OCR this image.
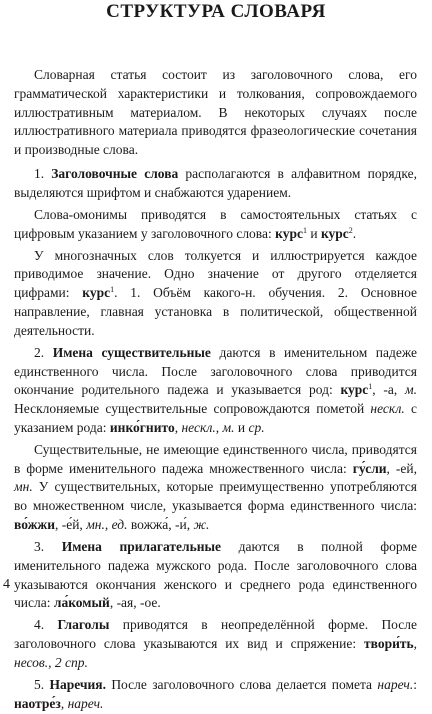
СТРУКТУРА СЛОВАРЯ

Словарная статья состоит из заголовочного слова, его грамматической характеристики и толкования, сопровождаемого иллюстративным материалом. В некоторых случаях после иллюстративного материала приводятся фразеологические сочетания и производные слова.

1. Заголовочные слова располагаются в алфавитном порядке, выделяются шрифтом и снабжаются ударением.

Слова-омонимы приводятся в самостоятельных статьях с цифровым указанием у заголовочного слова: курс$^1$ и курс$^2$.

У многозначных слов толкуется и иллюстрируется каждое приводимое значение. Одно значение от другого отделяется цифрами: курс$^1$. 1. Объём какого-н. обучения. 2. Основное направление, главная установка в политической, общественной деятельности.

2. Имена существительные даются в именительном падеже единственного числа. После заголовочного слова приводится окончание родительного падежа и указывается род: курс$^1$, -а, м. Несклоняемые существительные сопровождаются пометой нескл. с указанием рода: инко́гнито, нескл., м. и ср.

Существительные, не имеющие единственного числа, приводятся в форме именительного падежа множественного числа: гу́сли, -ей, мн. У существительных, которые преимущественно употребляются во множественном числе, указывается форма единственного числа: во́жжи, -е́й, мн., ед. вожжа́, -и́, ж.

3. Имена прилагательные даются в полной форме именительного падежа мужского рода. После заголовочного слова указываются окончания женского и среднего рода единственного числа: ла́комый, -ая, -ое.

4. Глаголы приводятся в неопределённой форме. После заголовочного слова указываются их вид и спряжение: твори́ть, несов., 2 спр.

5. Наречия. После заголовочного слова делается помета нареч.: наотре́з, нареч.

4
